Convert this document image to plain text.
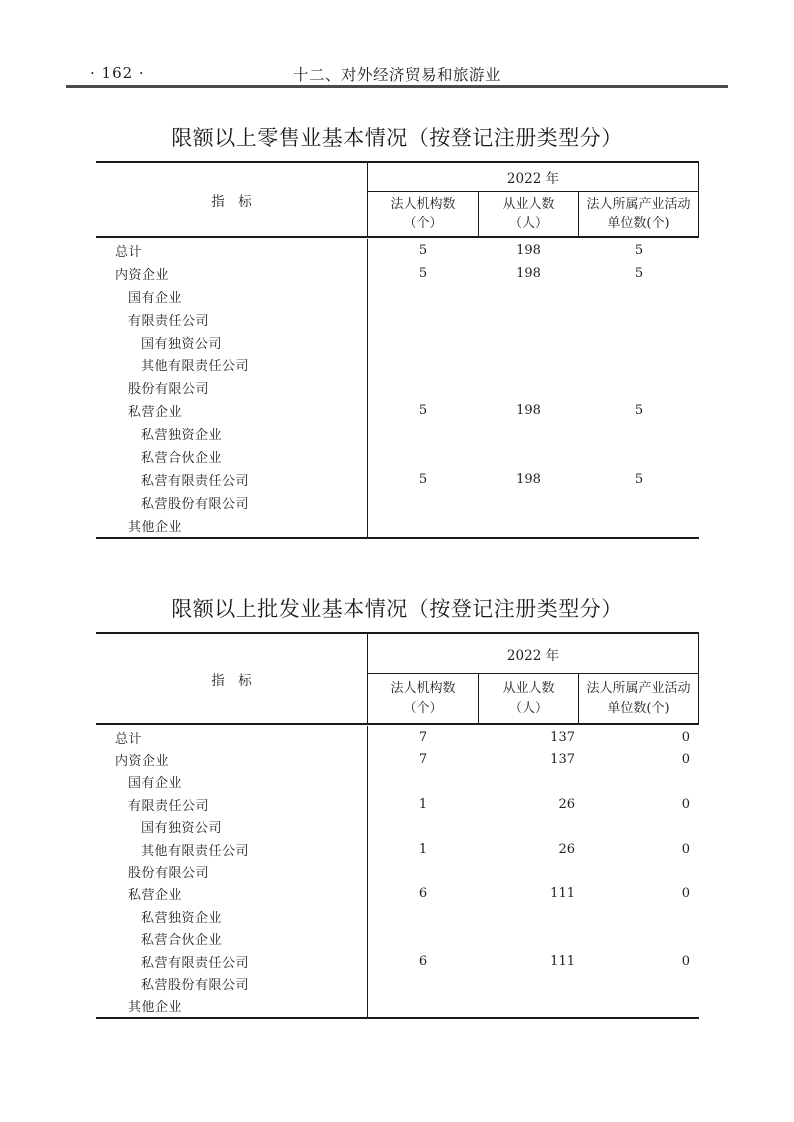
· 162 ·	十二、对外经济贸易和旅游业
限额以上零售业基本情况（按登记注册类型分）
指　标
2022 年
法人机构数
（个）
从业人数
（人）
法人所属产业活动
单位数(个)
总计	5	198	5
内资企业	5	198	5
国有企业
有限责任公司
国有独资公司
其他有限责任公司
股份有限公司
私营企业	5	198	5
私营独资企业
私营合伙企业
私营有限责任公司	5	198	5
私营股份有限公司
其他企业
限额以上批发业基本情况（按登记注册类型分）
指　标
2022 年
法人机构数
（个）
从业人数
（人）
法人所属产业活动
单位数(个)
总计	7	137	0
内资企业	7	137	0
国有企业
有限责任公司	1	26	0
国有独资公司
其他有限责任公司	1	26	0
股份有限公司
私营企业	6	111	0
私营独资企业
私营合伙企业
私营有限责任公司	6	111	0
私营股份有限公司
其他企业
